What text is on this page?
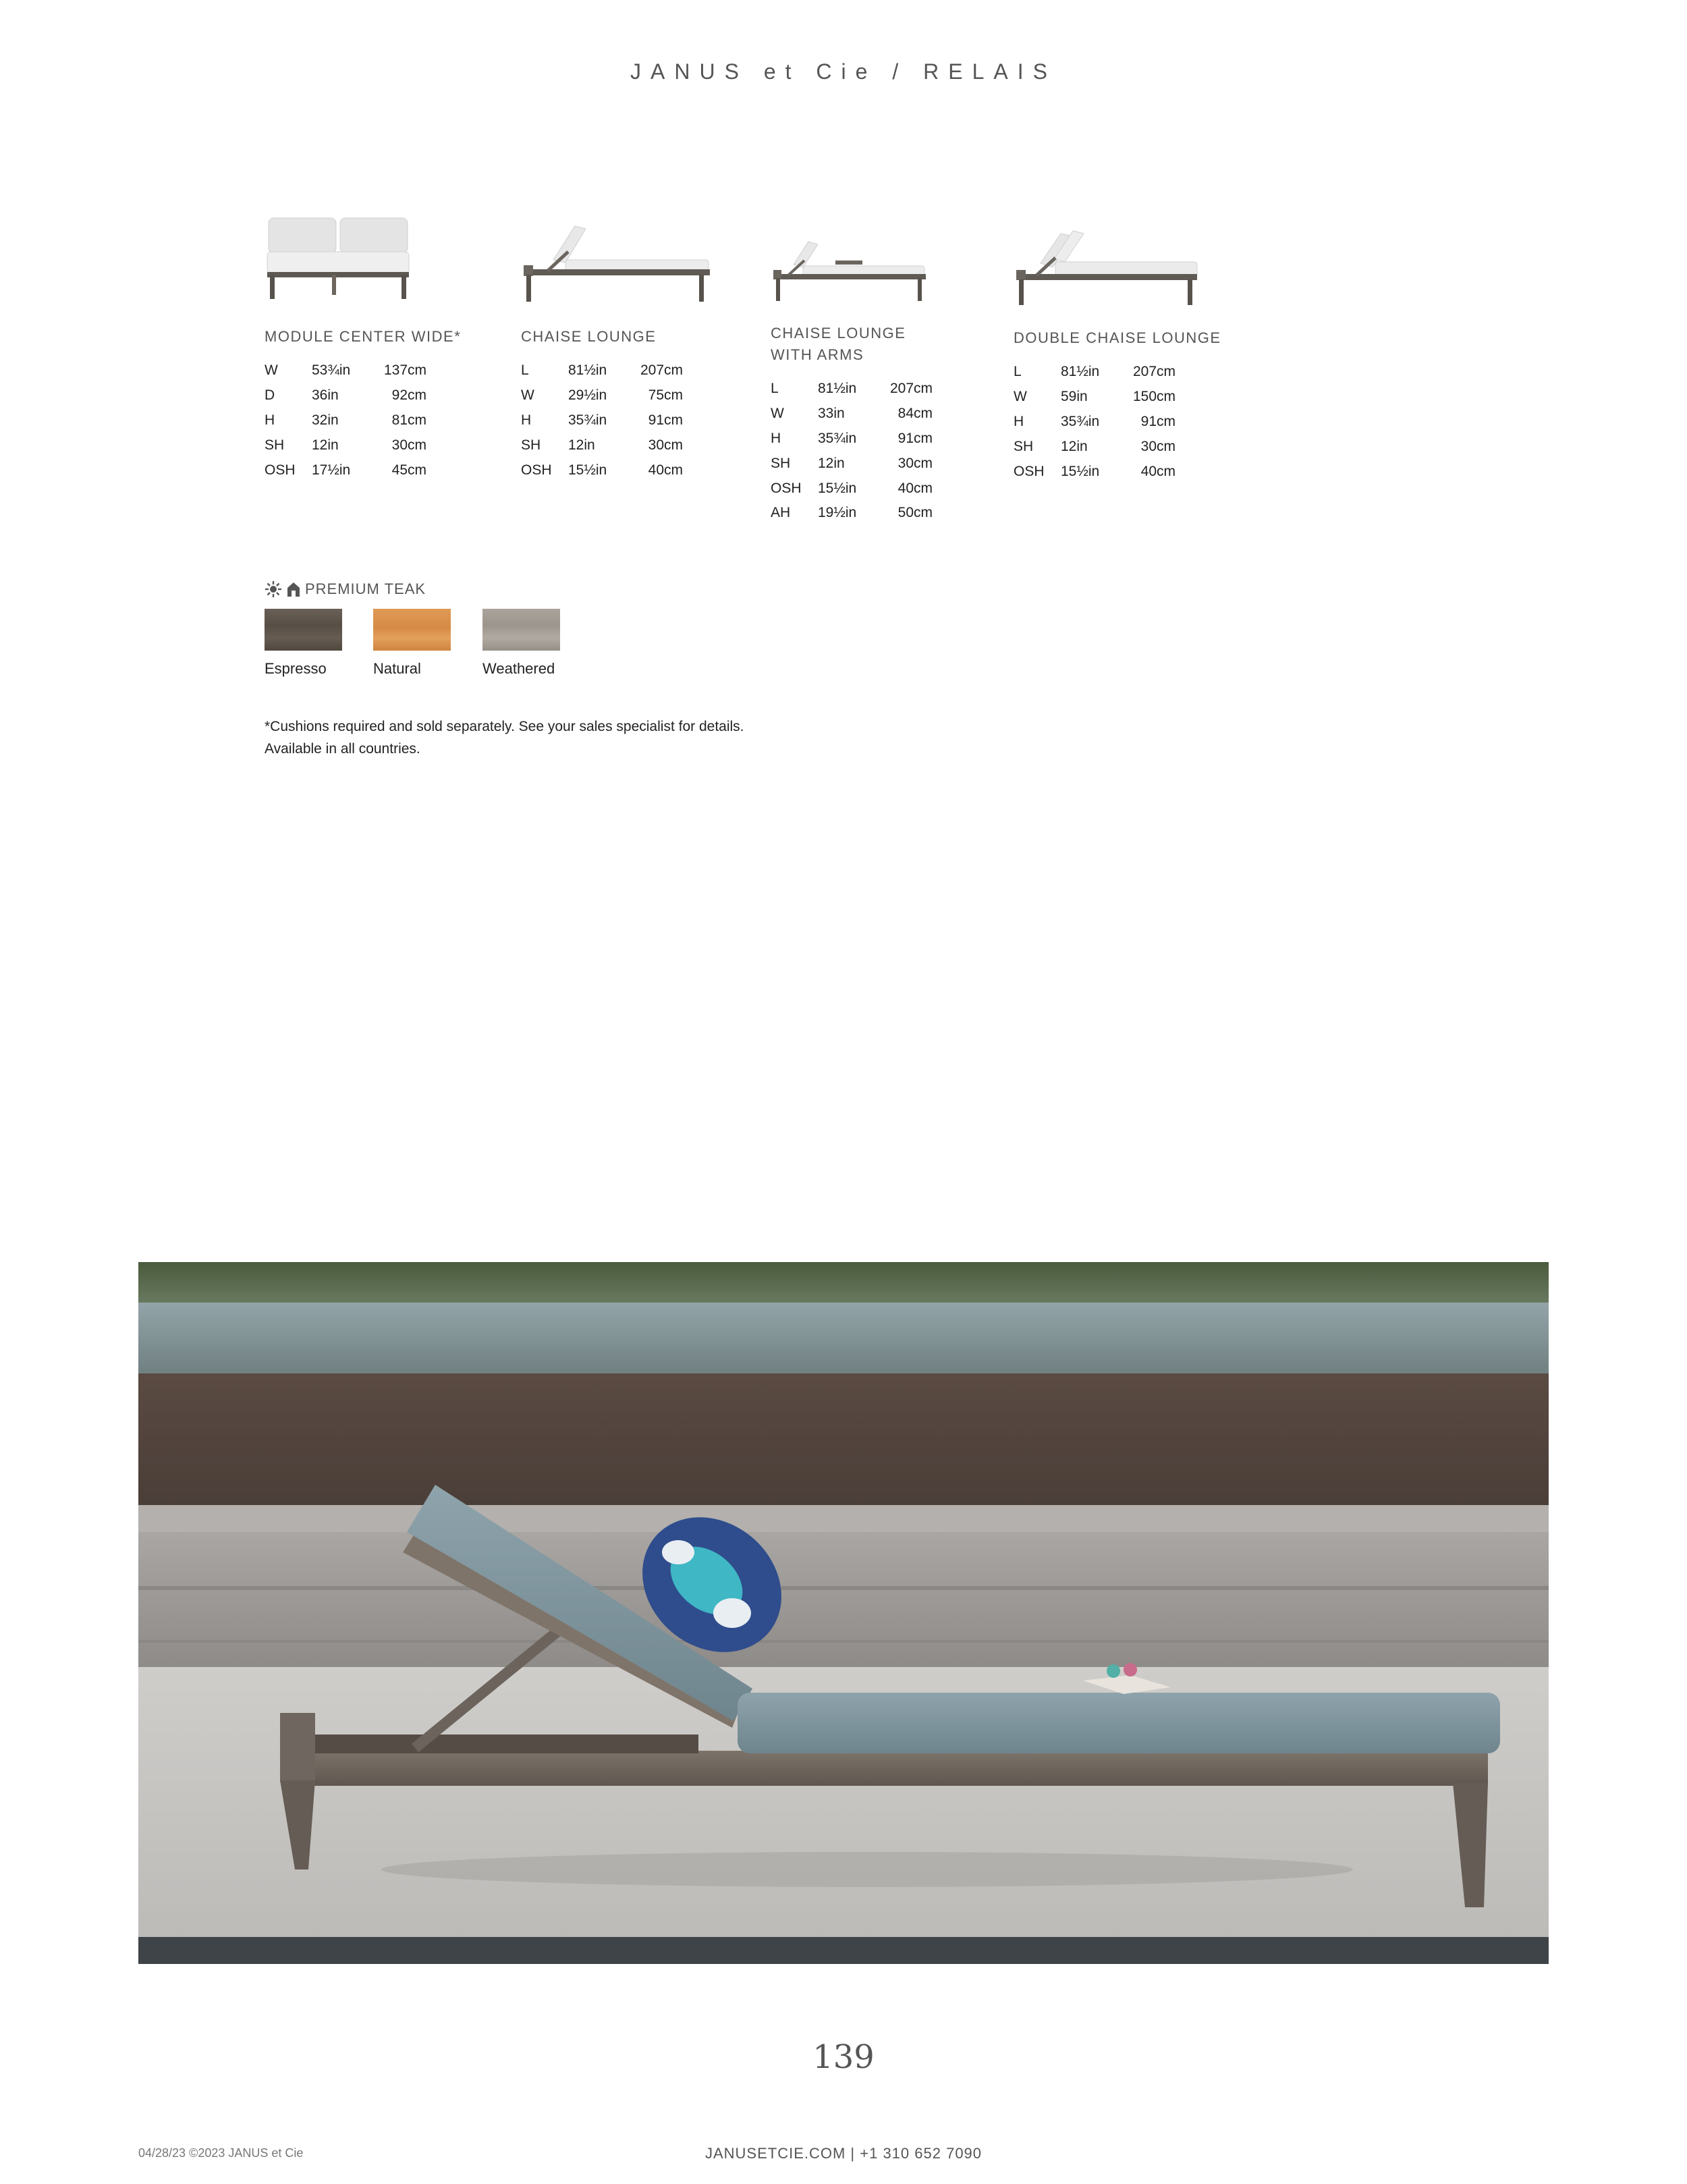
JANUS et Cie / RELAIS
MODULE CENTER WIDE*
W	53¾in	137cm
D	36in	92cm
H	32in	81cm
SH	12in	30cm
OSH	17½in	45cm
CHAISE LOUNGE
L	81½in	207cm
W	29½in	75cm
H	35¾in	91cm
SH	12in	30cm
OSH	15½in	40cm
CHAISE LOUNGE
WITH ARMS
L	81½in	207cm
W	33in	84cm
H	35¾in	91cm
SH	12in	30cm
OSH	15½in	40cm
AH	19½in	50cm
DOUBLE CHAISE LOUNGE
L	81½in	207cm
W	59in	150cm
H	35¾in	91cm
SH	12in	30cm
OSH	15½in	40cm
PREMIUM TEAK
Espresso	Natural	Weathered
*Cushions required and sold separately. See your sales specialist for details.
Available in all countries.
139
04/28/23 ©2023 JANUS et Cie	JANUSETCIE.COM | +1 310 652 7090
